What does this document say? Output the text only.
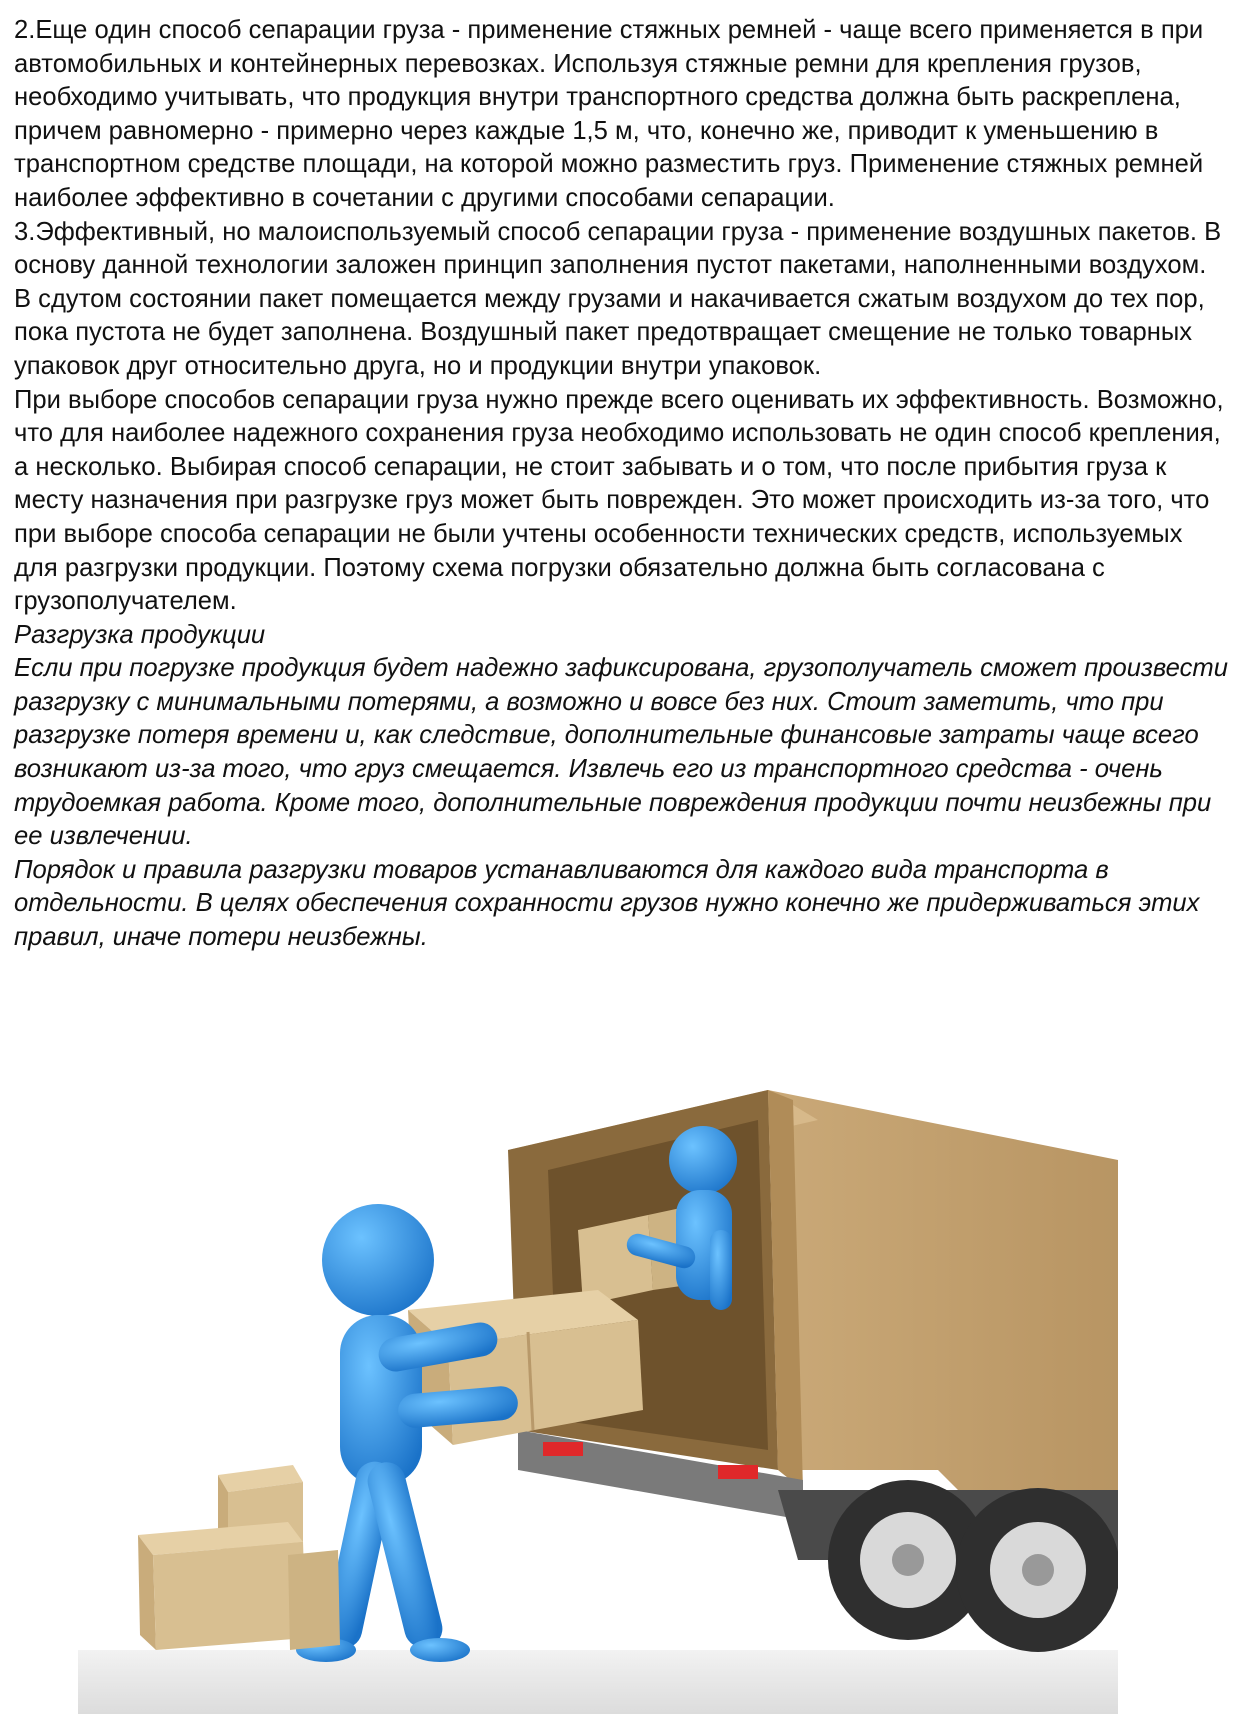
2.Еще один способ сепарации груза - применение стяжных ремней - чаще всего применяется в при автомобильных и контейнерных перевозках. Используя стяжные ремни для крепления грузов, необходимо учитывать, что продукция внутри транспортного средства должна быть раскреплена, причем равномерно - примерно через каждые 1,5 м, что, конечно же, приводит к уменьшению в транспортном средстве площади, на которой можно разместить груз. Применение стяжных ремней наиболее эффективно в сочетании с другими способами сепарации.

3.Эффективный, но малоиспользуемый способ сепарации груза - применение воздушных пакетов. В основу данной технологии заложен принцип заполнения пустот пакетами, наполненными воздухом. В сдутом состоянии пакет помещается между грузами и накачивается сжатым воздухом до тех пор, пока пустота не будет заполнена. Воздушный пакет предотвращает смещение не только товарных упаковок друг относительно друга, но и продукции внутри упаковок.

При выборе способов сепарации груза нужно прежде всего оценивать их эффективность. Возможно, что для наиболее надежного сохранения груза необходимо использовать не один способ крепления, а несколько. Выбирая способ сепарации, не стоит забывать и о том, что после прибытия груза к месту назначения при разгрузке груз может быть поврежден. Это может происходить из-за того, что при выборе способа сепарации не были учтены особенности технических средств, используемых для разгрузки продукции. Поэтому схема погрузки обязательно должна быть согласована с грузополучателем.

Разгрузка продукции

Если при погрузке продукция будет надежно зафиксирована, грузополучатель сможет произвести разгрузку с минимальными потерями, а возможно и вовсе без них. Стоит заметить, что при разгрузке потеря времени и, как следствие, дополнительные финансовые затраты чаще всего возникают из-за того, что груз смещается. Извлечь его из транспортного средства - очень трудоемкая работа. Кроме того, дополнительные повреждения продукции почти неизбежны при ее извлечении.

Порядок и правила разгрузки товаров устанавливаются для каждого вида транспорта в отдельности. В целях обеспечения сохранности грузов нужно конечно же придерживаться этих правил, иначе потери неизбежны.
